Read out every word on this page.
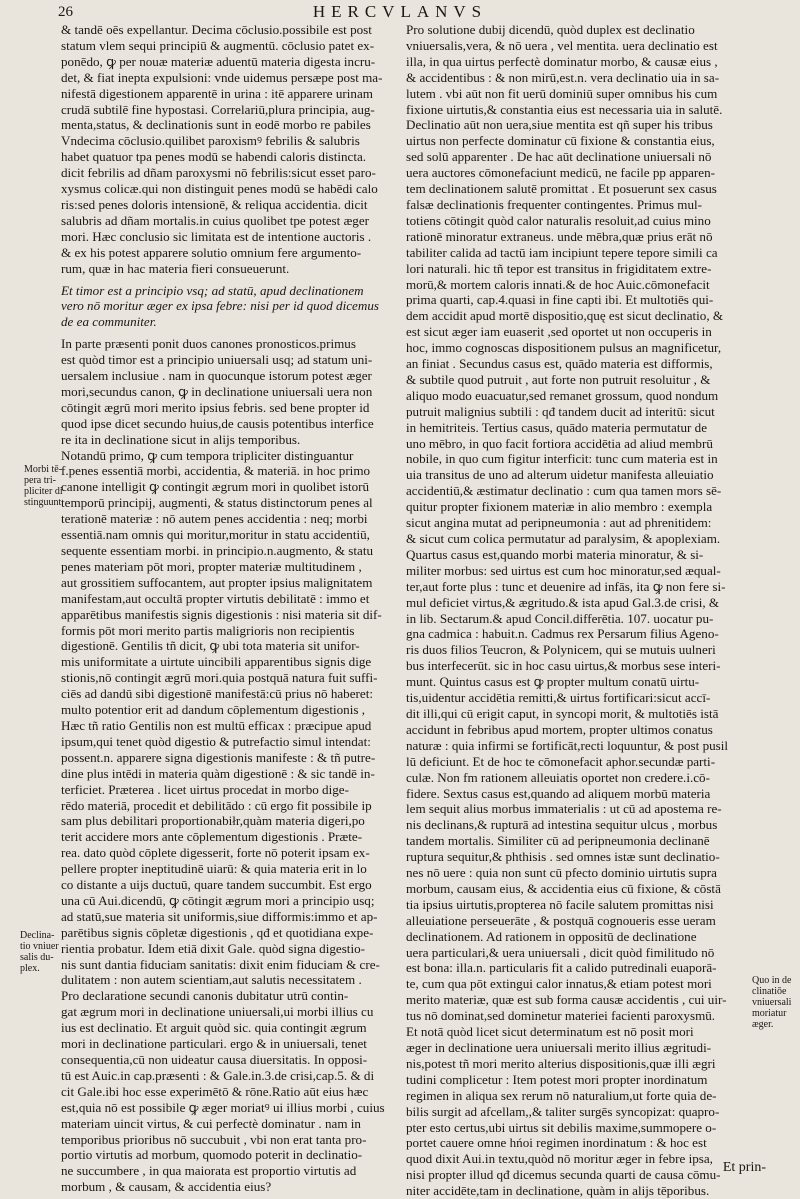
26	HERCVLANVS
& tandē oēs expellantur. Decima cōclusio.possibile est post
statum vlem sequi principiū & augmentū. cōclusio patet ex-
ponēdo, ꝙ per nouæ materiæ aduentū materia digesta incru-
det, & fiat inepta expulsioni: vnde uidemus persæpe post ma-
nifestā digestionem apparentē in urina : itē apparere urinam
crudā subtilē fine hypostasi. Correlariū,plura principia, aug-
menta,status, & declinationis sunt in eodē morbo re pabiles
Vndecima cōclusio.quilibet paroxismꝰ febrilis & salubris
habet quatuor tpa penes modū se habendi caloris distincta.
dicit febrilis ad dñam paroxysmi nō febrilis:sicut esset paro-
xysmus colicæ.qui non distinguit penes modū se habēdi calo
ris:sed penes doloris intensionē, & reliqua accidentia. dicit
salubris ad dñam mortalis.in cuius quolibet tpe potest æger
mori. Hæc conclusio sic limitata est de intentione auctoris .
& ex his potest apparere solutio omnium fere argumento-
rum, quæ in hac materia fieri consueuerunt.

Et timor est a principio vsq; ad statū, apud declinationem
vero nō moritur æger ex ipsa febre: nisi per id quod dicemus
de ea communiter.

In parte præsenti ponit duos canones pronosticos.primus
est quòd timor est a principio uniuersali usq; ad statum uni-
uersalem inclusiue . nam in quocunque istorum potest æger
mori,secundus canon, ꝙ in declinatione uniuersali uera non
cōtingit ægrū mori merito ipsius febris. sed bene propter id
quod ipse dicet secundo huius,de causis potentibus interfice
re ita in declinatione sicut in alijs temporibus.
Notandū primo, ꝙ cum tempora tripliciter distinguantur
f.penes essentiā morbi, accidentia, & materiā. in hoc primo
canone intelligit ꝙ contingit ægrum mori in quolibet istorū
temporū principij, augmenti, & status distinctorum penes al
terationē materiæ : nō autem penes accidentia : neq; morbi
essentiā.nam omnis qui moritur,moritur in statu accidentiū,
sequente essentiam morbi. in principio.n.augmento, & statu
penes materiam pōt mori, propter materiæ multitudinem ,
aut grossitiem suffocantem, aut propter ipsius malignitatem
manifestam,aut occultā propter virtutis debilitatē : immo et
apparētibus manifestis signis digestionis : nisi materia sit dif-
formis pōt mori merito partis maligrioris non recipientis
digestionē. Gentilis tñ dicit, ꝙ ubi tota materia sit unifor-
mis uniformitate a uirtute uincibili apparentibus signis dige
stionis,nō contingit ægrū mori.quia postquā natura fuit suffi-
ciēs ad dandū sibi digestionē manifestā:cū prius nō haberet:
multo potentior erit ad dandum cōplementum digestionis ,
Hæc tñ ratio Gentilis non est multū efficax : præcipue apud
ipsum,qui tenet quòd digestio & putrefactio simul intendat:
possent.n. apparere signa digestionis manifeste : & tñ putre-
dine plus intēdi in materia quàm digestionē : & sic tandē in-
terficiet. Præterea . licet uirtus procedat in morbo dige-
rēdo materiā, procedit et debilitādo : cū ergo fit possibile ip
sam plus debilitari proportionabiłr,quàm materia digeri,po
terit accidere mors ante cōplementum digestionis . Præte-
rea. dato quòd cōplete digesserit, forte nō poterit ipsam ex-
pellere propter ineptitudinē uiarū: & quia materia erit in lo
co distante a uijs ductuū, quare tandem succumbit. Est ergo
una cū Aui.dicendū, ꝙ cōtingit ægrum mori a principio usq;
ad statū,sue materia sit uniformis,siue difformis:immo et ap-
parētibus signis cōpletæ digestionis , qđ et quotidiana expe-
rientia probatur. Idem etiā dixit Gale. quòd signa digestio-
nis sunt dantia fiduciam sanitatis: dixit enim fiduciam & cre-
dulitatem : non autem scientiam,aut salutis necessitatem .
Pro declaratione secundi canonis dubitatur utrū contin-
gat ægrum mori in declinatione uniuersali,ui morbi illius cu
ius est declinatio. Et arguit quòd sic. quia contingit ægrum
mori in declinatione particulari. ergo & in uniuersali, tenet
consequentia,cū non uideatur causa diuersitatis. In opposi-
tū est Auic.in cap.præsenti : & Gale.in.3.de crisi,cap.5. & di
cit Gale.ibi hoc esse experimētō & rōne.Ratio aūt eius hæc
est,quia nō est possibile ꝙ æger moriatꝰ ui illius morbi , cuius
materiam uincit virtus, & cui perfectè dominatur . nam in
temporibus prioribus nō succubuit , vbi non erat tanta pro-
portio virtutis ad morbum, quomodo poterit in declinatio-
ne succumbere , in qua maiorata est proportio virtutis ad
morbum , & causam, & accidentia eius?
Pro solutione dubij dicendū, quòd duplex est declinatio
vniuersalis,vera, & nō uera , vel mentita. uera declinatio est
illa, in qua uirtus perfectè dominatur morbo, & causæ eius ,
& accidentibus : & non mirū,est.n. vera declinatio uia in sa-
lutem . vbi aūt non fit uerū dominiū super omnibus his cum
fixione uirtutis,& constantia eius est necessaria uia in salutē.
Declinatio aūt non uera,siue mentita est qñ super his tribus
uirtus non perfecte dominatur cū fixione & constantia eius,
sed solū apparenter . De hac aūt declinatione uniuersali nō
uera auctores cōmonefaciunt medicū, ne facile pp apparen-
tem declinationem salutē promittat . Et posuerunt sex casus
falsæ declinationis frequenter contingentes. Primus mul-
totiens cōtingit quòd calor naturalis resoluit,ad cuius mino
rationē minoratur extraneus. unde mēbra,quæ prius erāt nō
tabiliter calida ad tactū iam incipiunt tepere tepore simili ca
lori naturali. hic tñ tepor est transitus in frigiditatem extre-
morū,& mortem caloris innati.& de hoc Auic.cōmonefacit
prima quarti, cap.4.quasi in fine capti ibi. Et multotiēs qui-
dem accidit apud mortē dispositio,quę est sicut declinatio, &
est sicut æger iam euaserit ,sed oportet ut non occuperis in
hoc, immo cognoscas dispositionem pulsus an magnificetur,
an finiat . Secundus casus est, quādo materia est difformis,
& subtile quod putruit , aut forte non putruit resoluitur , &
aliquo modo euacuatur,sed remanet grossum, quod nondum
putruit malignius subtili : qđ tandem ducit ad interitū: sicut
in hemitriteis. Tertius casus, quādo materia permutatur de
uno mēbro, in quo facit fortiora accidētia ad aliud membrū
nobile, in quo cum figitur interficit: tunc cum materia est in
uia transitus de uno ad alterum uidetur manifesta alleuiatio
accidentiū,& æstimatur declinatio : cum qua tamen mors sē-
quitur propter fixionem materiæ in alio membro : exempla
sicut angina mutat ad peripneumonia : aut ad phrenitidem:
& sicut cum colica permutatur ad paralysim, & apoplexiam.
Quartus casus est,quando morbi materia minoratur, & si-
militer morbus: sed uirtus est cum hoc minoratur,sed æqual-
ter,aut forte plus : tunc et deuenire ad infās, ita ꝙ non fere si-
mul deficiet virtus,& ægritudo.& ista apud Gal.3.de crisi, &
in lib. Sectarum.& apud Concil.differētia. 107. uocatur pu-
gna cadmica : habuit.n. Cadmus rex Persarum filius Ageno-
ris duos filios Teucron, & Polynicem, qui se mutuis uulneri
bus interfecerūt. sic in hoc casu uirtus,& morbus sese interi-
munt. Quintus casus est ꝙ propter multum conatū uirtu-
tis,uidentur accidētia remitti,& uirtus fortificari:sicut accī-
dit illi,qui cū erigit caput, in syncopi morit, & multotiēs istā
accidunt in febribus apud mortem, propter ultimos conatus
naturæ : quia infirmi se fortificāt,recti loquuntur, & post pusil
lū deficiunt. Et de hoc te cōmonefacit aphor.secundæ parti-
culæ. Non fm rationem alleuiatis oportet non credere.i.cō-
fidere. Sextus casus est,quando ad aliquem morbū materia
lem sequit alius morbus immaterialis : ut cū ad apostema re-
nis declinans,& rupturā ad intestina sequitur ulcus , morbus
tandem mortalis. Similiter cū ad peripneumonia declinanē
ruptura sequitur,& phthisis . sed omnes istæ sunt declinatio-
nes nō uere : quia non sunt cū pfecto dominio uirtutis supra
morbum, causam eius, & accidentia eius cū fixione, & cōstā
tia ipsius uirtutis,propterea nō facile salutem promittas nisi
alleuiatione perseuerāte , & postquā cognoueris esse ueram
declinationem. Ad rationem in oppositū de declinatione
uera particulari,& uera uniuersali , dicit quòd fimilitudo nō
est bona: illa.n. particularis fit a calido putredinali euaporā-
te, cum qua pōt extingui calor innatus,& etiam potest mori
merito materiæ, quæ est sub forma causæ accidentis , cui uir-
tus nō dominat,sed dominetur materiei facienti paroxysmū.
Et notā quòd licet sicut determinatum est nō posit mori
æger in declinatione uera uniuersali merito illius ægritudi-
nis,potest tñ mori merito alterius dispositionis,quæ illi ægri
tudini complicetur : Item potest mori propter inordinatum
regimen in aliqua sex rerum nō naturalium,ut forte quia de-
bilis surgit ad afcellam,,& taliter surgēs syncopizat: quapro-
pter esto certus,ubi uirtus sit debilis maxime,summopere o-
portet cauere omne hńoi regimen inordinatum : & hoc est
quod dixit Aui.in textu,quòd nō moritur æger in febre ipsa,
nisi propter illud qđ dicemus secunda quarti de causa cōmu-
niter accidēte,tam in declinatione, quàm in alijs tēporibus.
Morbi tē-
pera tri-
pliciter di
stinguunt
Declina-
tio vniuer
salis du-
plex.
Quo in de
clinatiōe
vniuersali
moriatur
æger.
Et prin-
